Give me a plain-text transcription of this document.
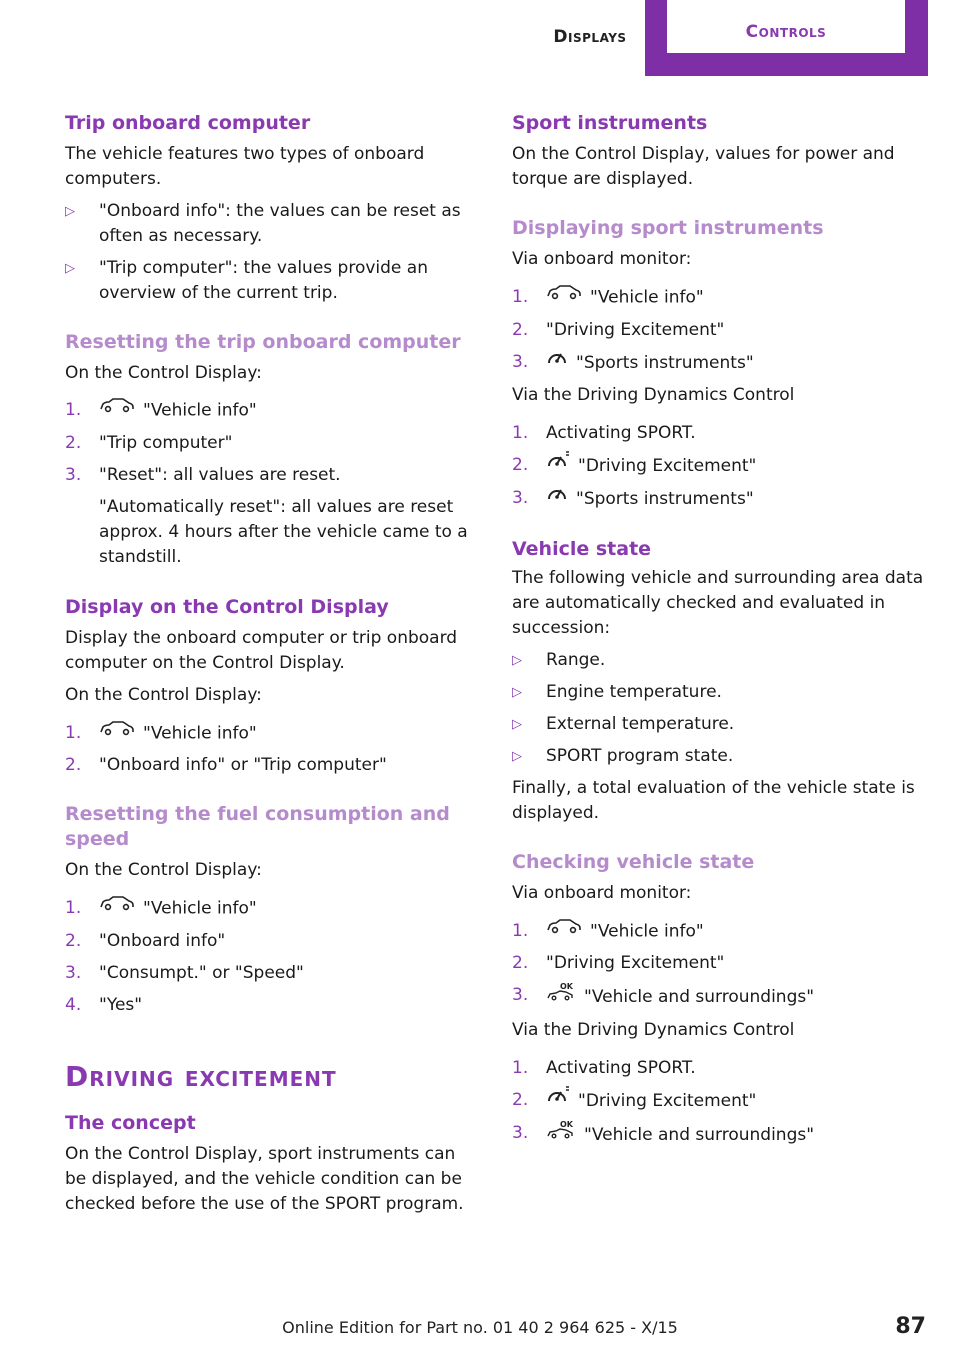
Displays	Controls
Trip onboard computer

The vehicle features two types of onboard computers.

▷ "Onboard info": the values can be reset as often as necessary.
▷ "Trip computer": the values provide an overview of the current trip.
Resetting the trip onboard computer

On the Control Display:

1.	"Vehicle info"
2. "Trip computer"
3. "Reset": all values are reset.
"Automatically reset": all values are reset approx. 4 hours after the vehicle came to a standstill.
Display on the Control Display

Display the onboard computer or trip onboard computer on the Control Display.

On the Control Display:

1.	"Vehicle info"
2. "Onboard info" or "Trip computer"
Resetting the fuel consumption and speed

On the Control Display:

1.	"Vehicle info"
2. "Onboard info"
3. "Consumpt." or "Speed"
4. "Yes"
Driving excitement
The concept

On the Control Display, sport instruments can be displayed, and the vehicle condition can be checked before the use of the SPORT program.

Sport instruments

On the Control Display, values for power and torque are displayed.

Displaying sport instruments

Via onboard monitor:

1.	"Vehicle info"
2. "Driving Excitement"
3.	"Sports instruments"

Via the Driving Dynamics Control

1. Activating SPORT.
2.	"Driving Excitement"
3.	"Sports instruments"
Vehicle state

The following vehicle and surrounding area data are automatically checked and evaluated in succession:

▷ Range.
▷ Engine temperature.
▷ External temperature.
▷ SPORT program state.

Finally, a total evaluation of the vehicle state is displayed.

Checking vehicle state

Via onboard monitor:

1.	"Vehicle info"
2. "Driving Excitement"
3.	OK
"Vehicle and surroundings"

Via the Driving Dynamics Control

1. Activating SPORT.
2.	"Driving Excitement"
3.	OK
"Vehicle and surroundings"
Online Edition for Part no. 01 40 2 964 625 - X/15	87
